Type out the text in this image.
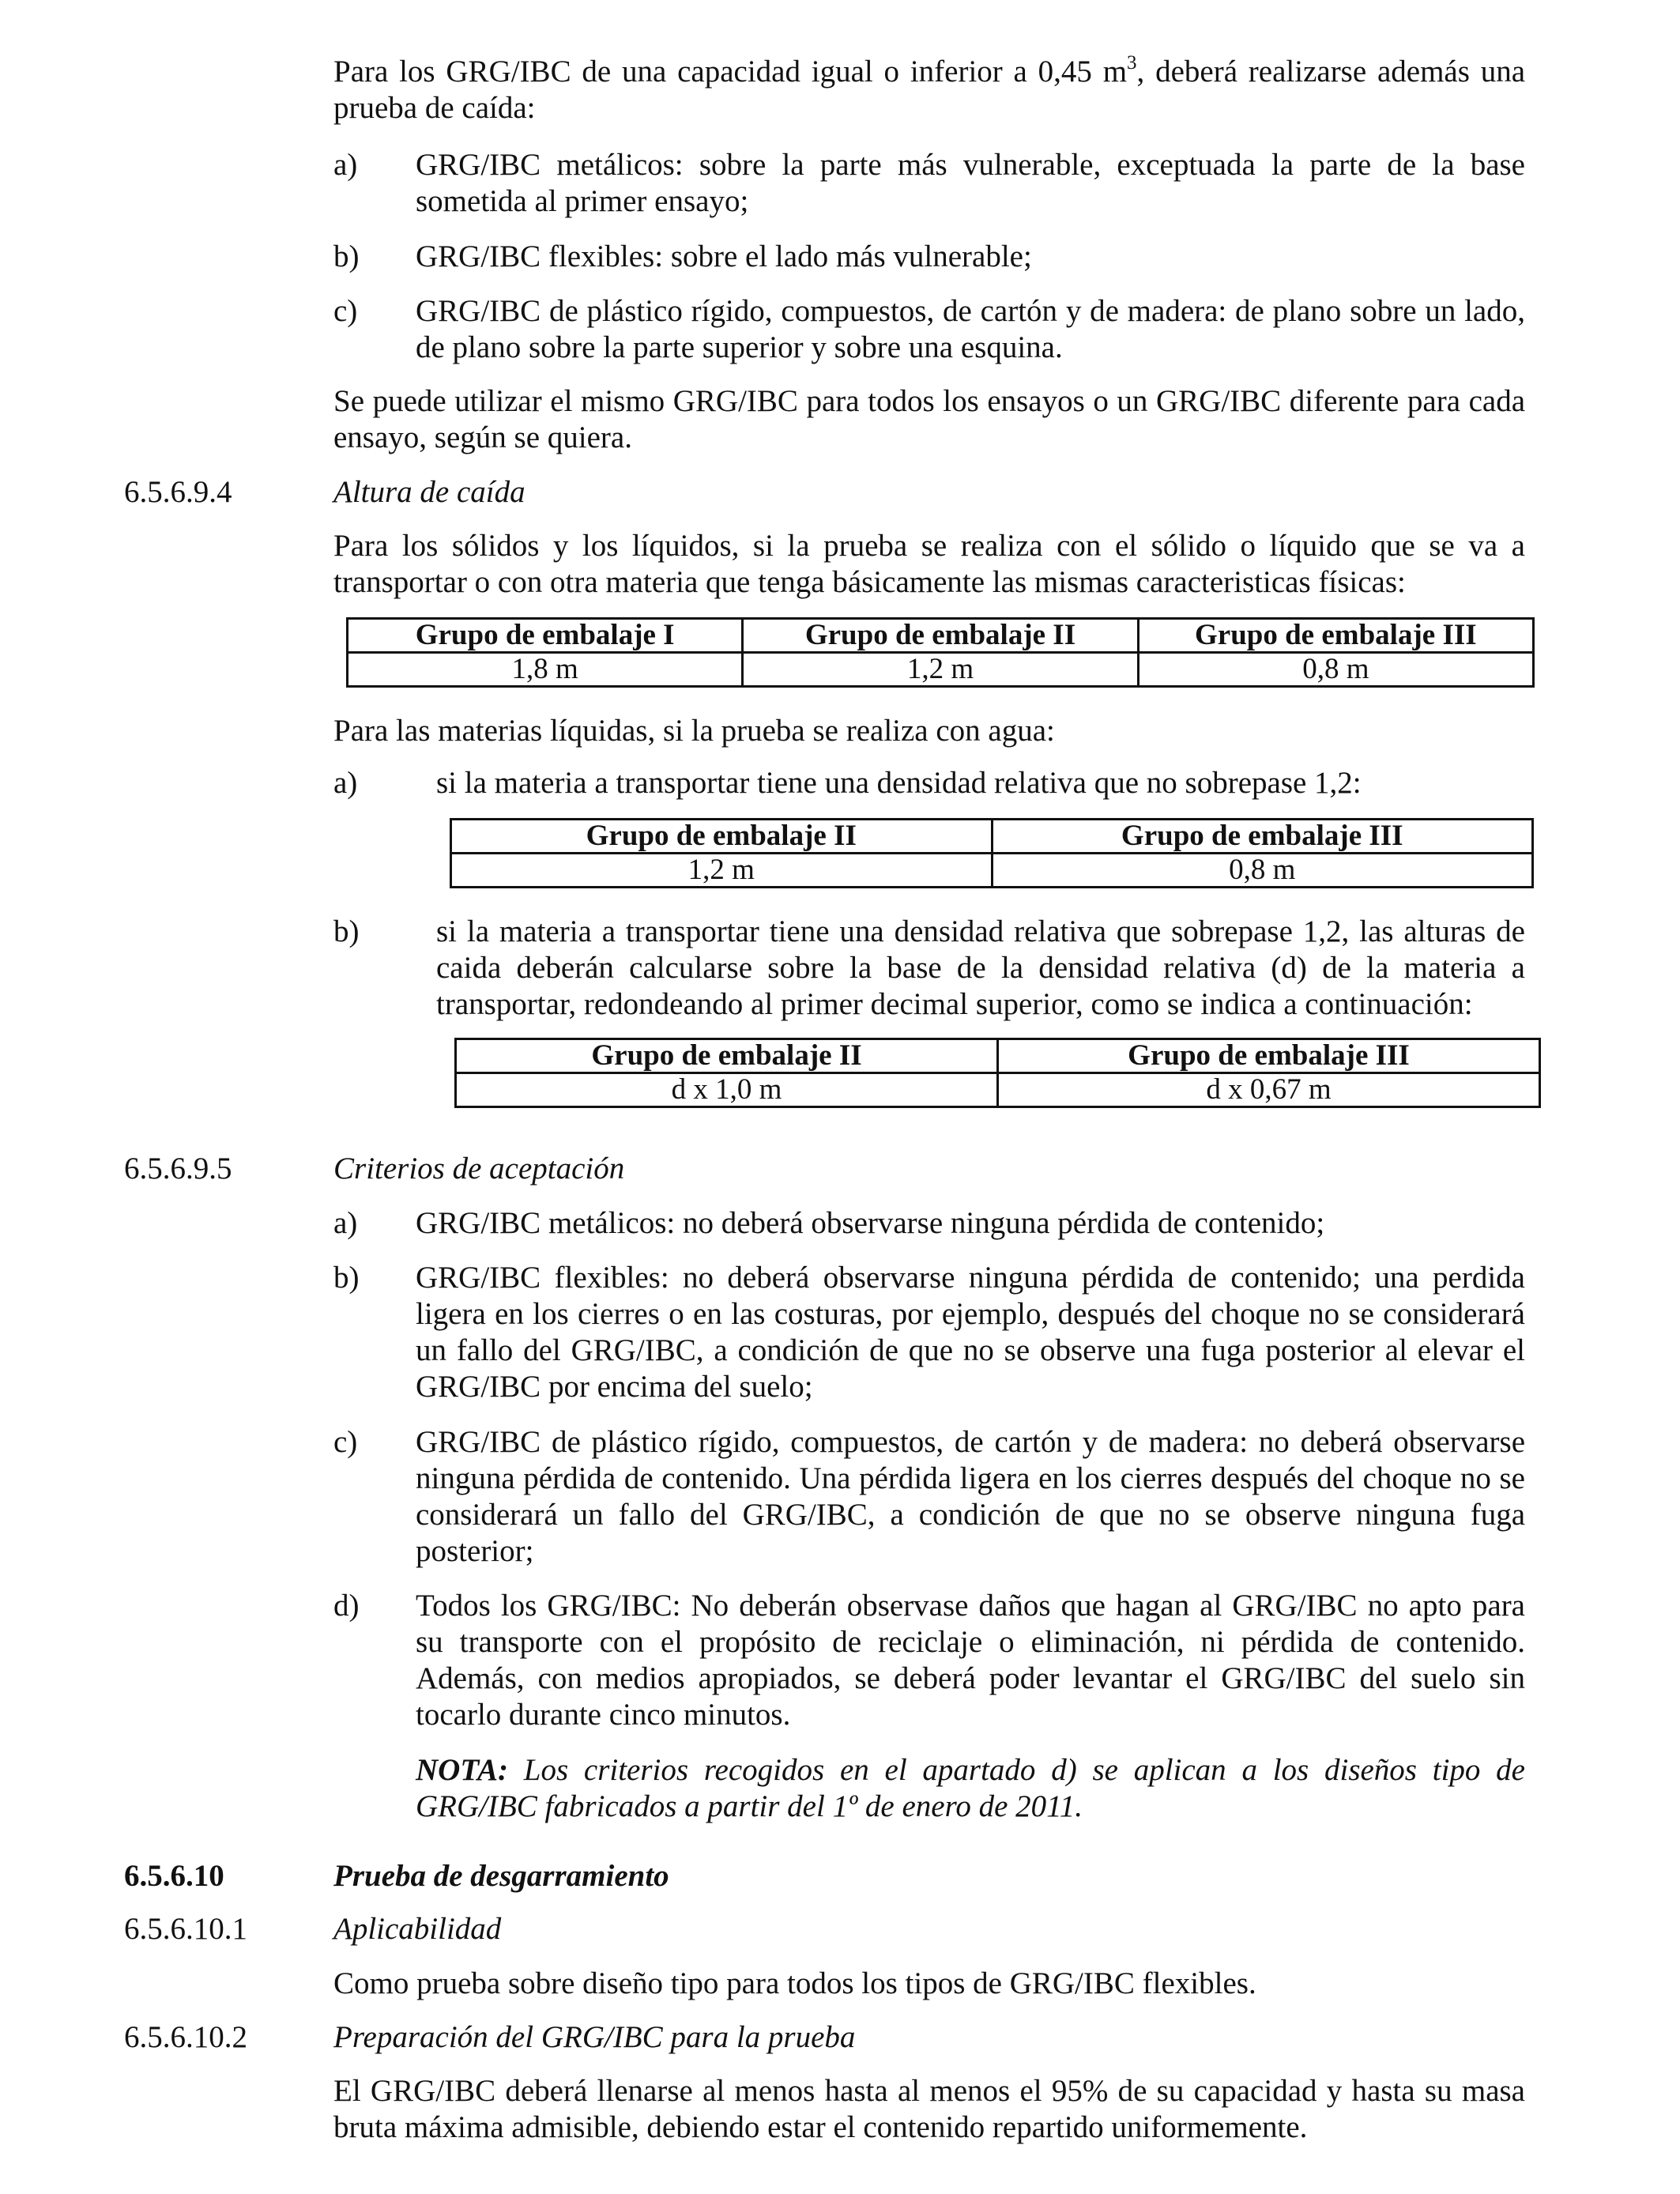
Para los GRG/IBC de una capacidad igual o inferior a 0,45 $m^3$, deberá realizarse además una prueba de caída:

a) GRG/IBC metálicos: sobre la parte más vulnerable, exceptuada la parte de la base sometida al primer ensayo;
b) GRG/IBC flexibles: sobre el lado más vulnerable;
c) GRG/IBC de plástico rígido, compuestos, de cartón y de madera: de plano sobre un lado, de plano sobre la parte superior y sobre una esquina.

Se puede utilizar el mismo GRG/IBC para todos los ensayos o un GRG/IBC diferente para cada ensayo, según se quiera.

6.5.6.9.4	Altura de caída

Para los sólidos y los líquidos, si la prueba se realiza con el sólido o líquido que se va a transportar o con otra materia que tenga básicamente las mismas caracteristicas físicas:

Grupo de embalaje I	Grupo de embalaje II	Grupo de embalaje III
1,8 m	1,2 m	0,8 m

Para las materias líquidas, si la prueba se realiza con agua:

a)	si la materia a transportar tiene una densidad relativa que no sobrepase 1,2:
Grupo de embalaje II	Grupo de embalaje III
1,2 m	0,8 m
b)	si la materia a transportar tiene una densidad relativa que sobrepase 1,2, las alturas de caida deberán calcularse sobre la base de la densidad relativa (d) de la materia a transportar, redondeando al primer decimal superior, como se indica a continuación:
Grupo de embalaje II	Grupo de embalaje III
d x 1,0 m	d x 0,67 m

6.5.6.9.5	Criterios de aceptación

a) GRG/IBC metálicos: no deberá observarse ninguna pérdida de contenido;
b) GRG/IBC flexibles: no deberá observarse ninguna pérdida de contenido; una perdida ligera en los cierres o en las costuras, por ejemplo, después del choque no se considerará un fallo del GRG/IBC, a condición de que no se observe una fuga posterior al elevar el GRG/IBC por encima del suelo;
c) GRG/IBC de plástico rígido, compuestos, de cartón y de madera: no deberá observarse ninguna pérdida de contenido. Una pérdida ligera en los cierres después del choque no se considerará un fallo del GRG/IBC, a condición de que no se observe ninguna fuga posterior;
d) Todos los GRG/IBC: No deberán observase daños que hagan al GRG/IBC no apto para su transporte con el propósito de reciclaje o eliminación, ni pérdida de contenido. Además, con medios apropiados, se deberá poder levantar el GRG/IBC del suelo sin tocarlo durante cinco minutos.

NOTA: Los criterios recogidos en el apartado d) se aplican a los diseños tipo de GRG/IBC fabricados a partir del 1º de enero de 2011.

6.5.6.10	Prueba de desgarramiento

6.5.6.10.1	Aplicabilidad

Como prueba sobre diseño tipo para todos los tipos de GRG/IBC flexibles.

6.5.6.10.2	Preparación del GRG/IBC para la prueba

El GRG/IBC deberá llenarse al menos hasta al menos el 95% de su capacidad y hasta su masa bruta máxima admisible, debiendo estar el contenido repartido uniformemente.
